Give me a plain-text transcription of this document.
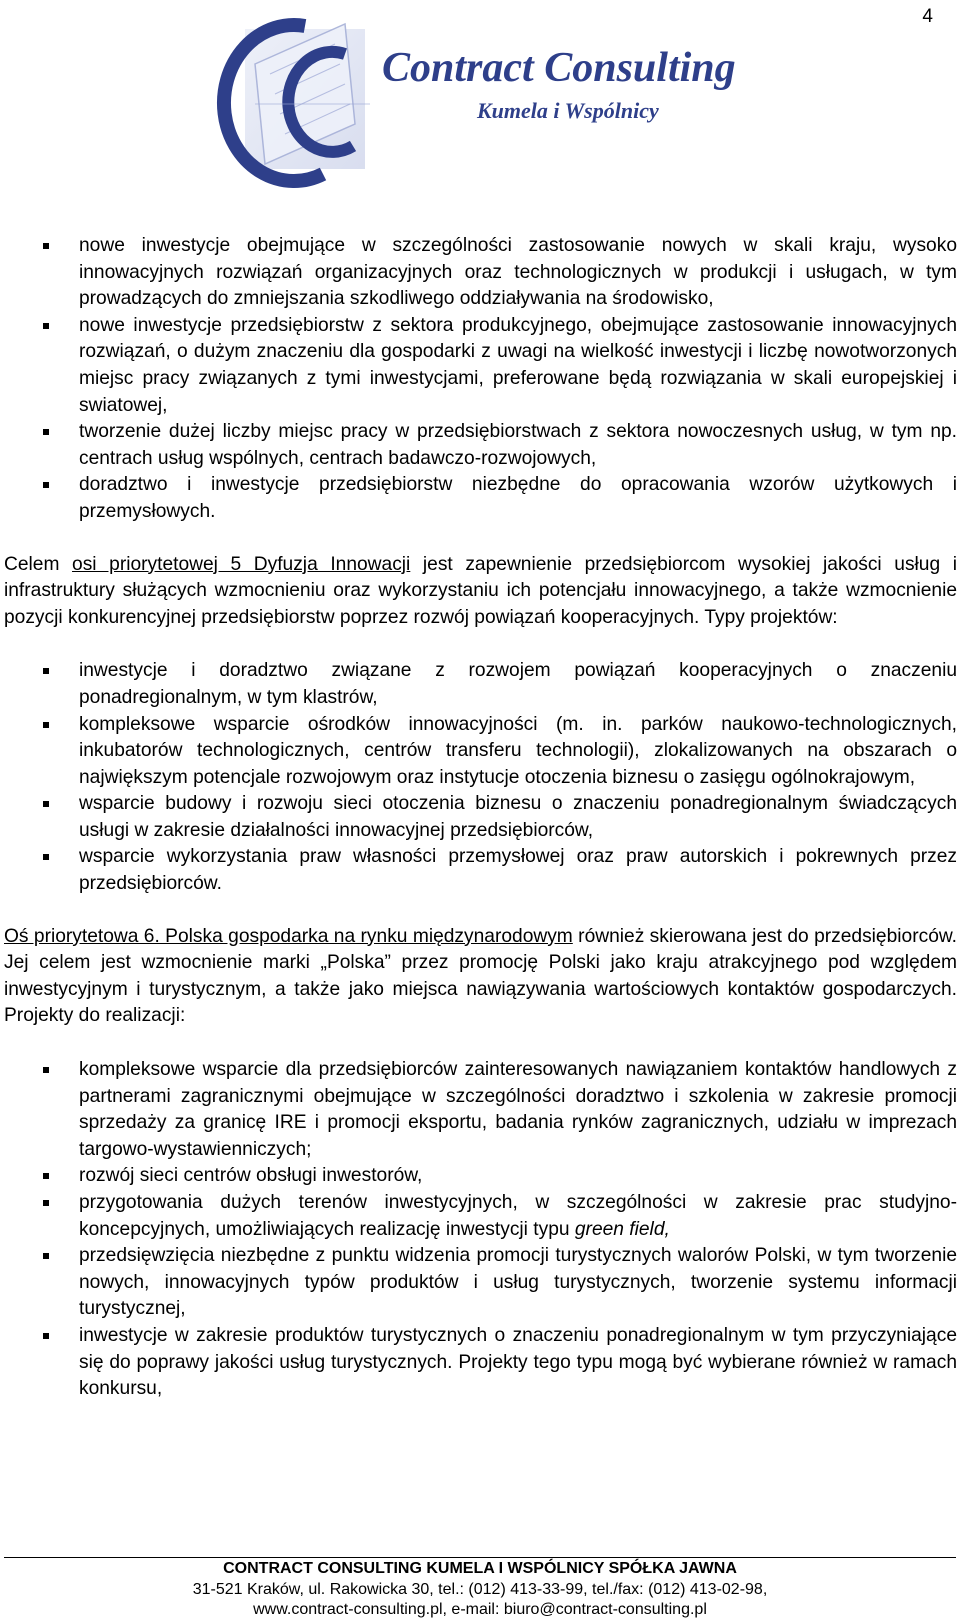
4
Contract Consulting
Kumela i Wspólnicy
nowe inwestycje obejmujące w szczególności zastosowanie nowych w skali kraju, wysoko innowacyjnych rozwiązań organizacyjnych oraz technologicznych w produkcji i usługach, w tym prowadzących do zmniejszania szkodliwego oddziaływania na środowisko,
nowe inwestycje przedsiębiorstw z sektora produkcyjnego, obejmujące zastosowanie innowacyjnych rozwiązań, o dużym znaczeniu dla gospodarki z uwagi na wielkość inwestycji i liczbę nowotworzonych miejsc pracy związanych z tymi inwestycjami, preferowane będą rozwiązania w skali europejskiej i swiatowej,
tworzenie dużej liczby miejsc pracy w przedsiębiorstwach z sektora nowoczesnych usług, w tym np. centrach usług wspólnych, centrach badawczo-rozwojowych,
doradztwo i inwestycje przedsiębiorstw niezbędne do opracowania wzorów użytkowych i przemysłowych.

Celem osi priorytetowej 5 Dyfuzja Innowacji jest zapewnienie przedsiębiorcom wysokiej jakości usług i infrastruktury służących wzmocnieniu oraz wykorzystaniu ich potencjału innowacyjnego, a także wzmocnienie pozycji konkurencyjnej przedsiębiorstw poprzez rozwój powiązań kooperacyjnych. Typy projektów:

inwestycje i doradztwo związane z rozwojem powiązań kooperacyjnych o znaczeniu ponadregionalnym, w tym klastrów,
kompleksowe wsparcie ośrodków innowacyjności (m. in. parków naukowo-technologicznych, inkubatorów technologicznych, centrów transferu technologii), zlokalizowanych na obszarach o największym potencjale rozwojowym oraz instytucje otoczenia biznesu o zasięgu ogólnokrajowym,
wsparcie budowy i rozwoju sieci otoczenia biznesu o znaczeniu ponadregionalnym świadczących usługi w zakresie działalności innowacyjnej przedsiębiorców,
wsparcie wykorzystania praw własności przemysłowej oraz praw autorskich i pokrewnych przez przedsiębiorców.

Oś priorytetowa 6. Polska gospodarka na rynku międzynarodowym również skierowana jest do przedsiębiorców. Jej celem jest wzmocnienie marki „Polska” przez promocję Polski jako kraju atrakcyjnego pod względem inwestycyjnym i turystycznym, a także jako miejsca nawiązywania wartościowych kontaktów gospodarczych. Projekty do realizacji:

kompleksowe wsparcie dla przedsiębiorców zainteresowanych nawiązaniem kontaktów handlowych z partnerami zagranicznymi obejmujące w szczególności doradztwo i szkolenia w zakresie promocji sprzedaży za granicę IRE i promocji eksportu, badania rynków zagranicznych, udziału w imprezach targowo-wystawienniczych;
rozwój sieci centrów obsługi inwestorów,
przygotowania dużych terenów inwestycyjnych, w szczególności w zakresie prac studyjno-koncepcyjnych, umożliwiających realizację inwestycji typu green field,
przedsięwzięcia niezbędne z punktu widzenia promocji turystycznych walorów Polski, w tym tworzenie nowych, innowacyjnych typów produktów i usług turystycznych, tworzenie systemu informacji turystycznej,
inwestycje w zakresie produktów turystycznych o znaczeniu ponadregionalnym w tym przyczyniające się do poprawy jakości usług turystycznych. Projekty tego typu mogą być wybierane również w ramach konkursu,
CONTRACT CONSULTING KUMELA I WSPÓLNICY SPÓŁKA JAWNA
31-521 Kraków, ul. Rakowicka 30, tel.: (012) 413-33-99, tel./fax: (012) 413-02-98,
www.contract-consulting.pl, e-mail: biuro@contract-consulting.pl
